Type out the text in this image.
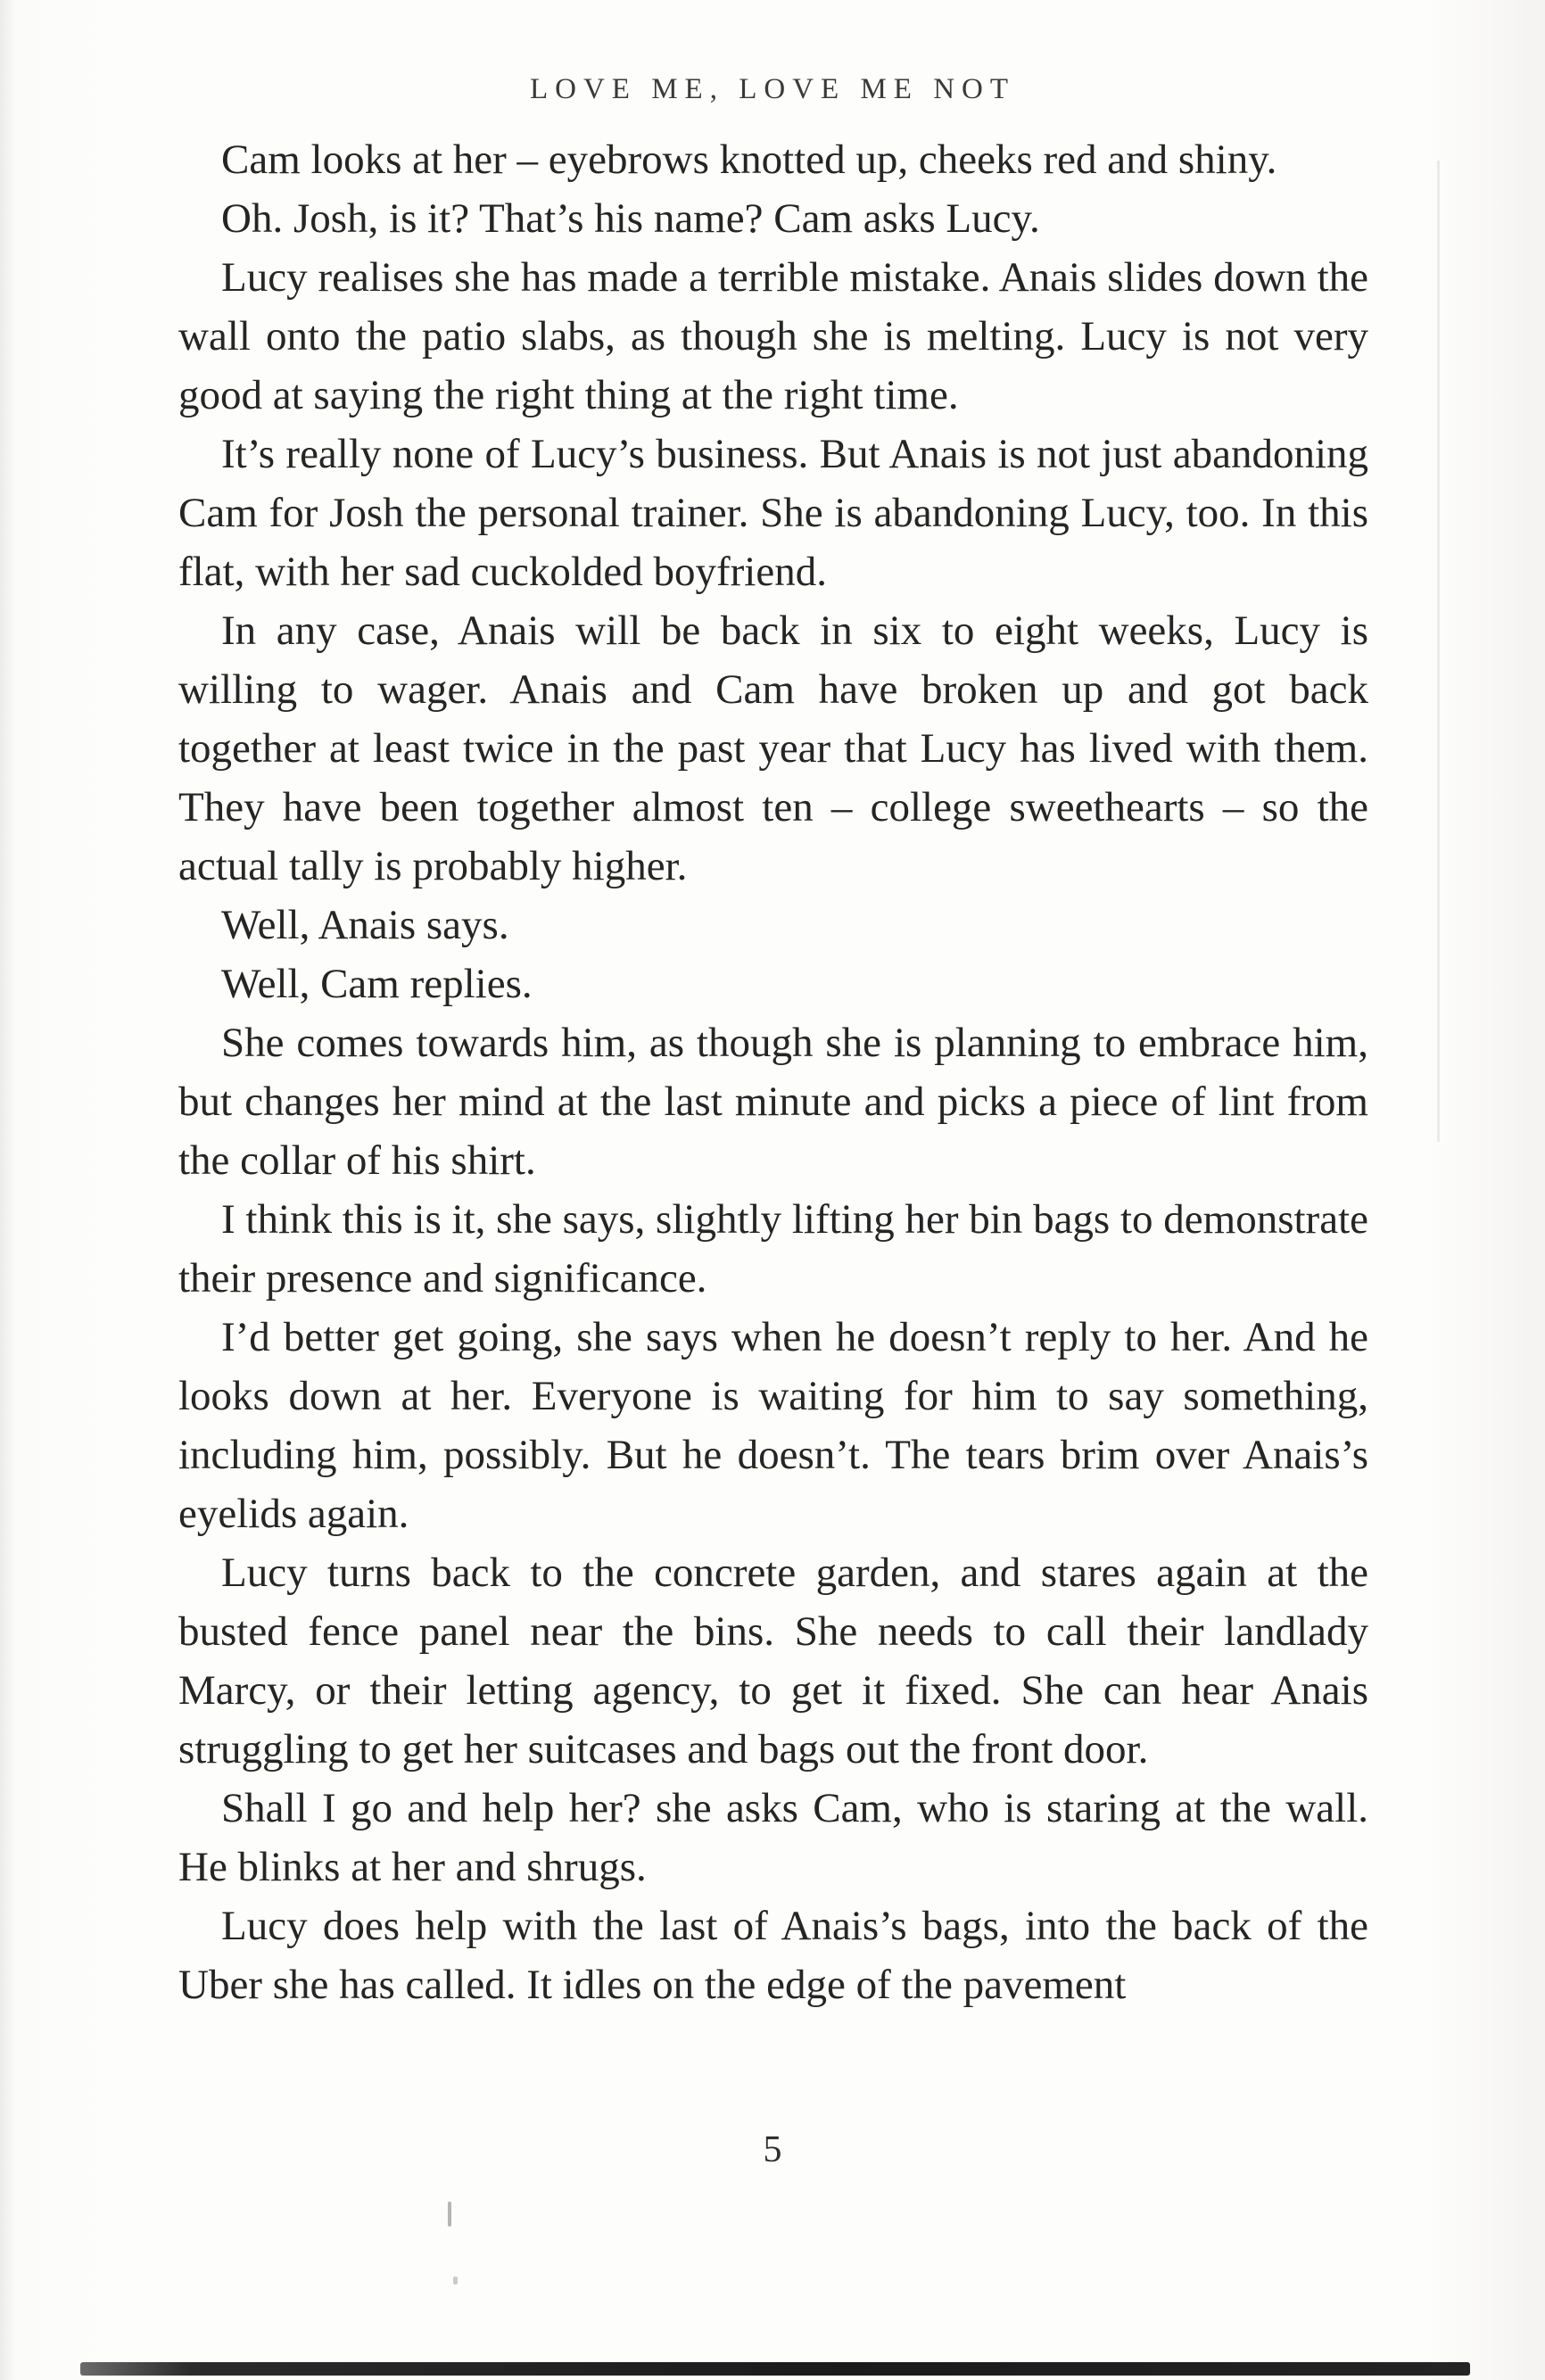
LOVE ME, LOVE ME NOT

Cam looks at her – eyebrows knotted up, cheeks red and shiny.

Oh. Josh, is it? That’s his name? Cam asks Lucy.

Lucy realises she has made a terrible mistake. Anais slides down the wall onto the patio slabs, as though she is melting. Lucy is not very good at saying the right thing at the right time.

It’s really none of Lucy’s business. But Anais is not just abandoning Cam for Josh the personal trainer. She is abandoning Lucy, too. In this flat, with her sad cuckolded boyfriend.

In any case, Anais will be back in six to eight weeks, Lucy is willing to wager. Anais and Cam have broken up and got back together at least twice in the past year that Lucy has lived with them. They have been together almost ten – college sweethearts – so the actual tally is probably higher.

Well, Anais says.

Well, Cam replies.

She comes towards him, as though she is planning to embrace him, but changes her mind at the last minute and picks a piece of lint from the collar of his shirt.

I think this is it, she says, slightly lifting her bin bags to demonstrate their presence and significance.

I’d better get going, she says when he doesn’t reply to her. And he looks down at her. Everyone is waiting for him to say something, including him, possibly. But he doesn’t. The tears brim over Anais’s eyelids again.

Lucy turns back to the concrete garden, and stares again at the busted fence panel near the bins. She needs to call their landlady Marcy, or their letting agency, to get it fixed. She can hear Anais struggling to get her suitcases and bags out the front door.

Shall I go and help her? she asks Cam, who is staring at the wall. He blinks at her and shrugs.

Lucy does help with the last of Anais’s bags, into the back of the Uber she has called. It idles on the edge of the pavement

5
